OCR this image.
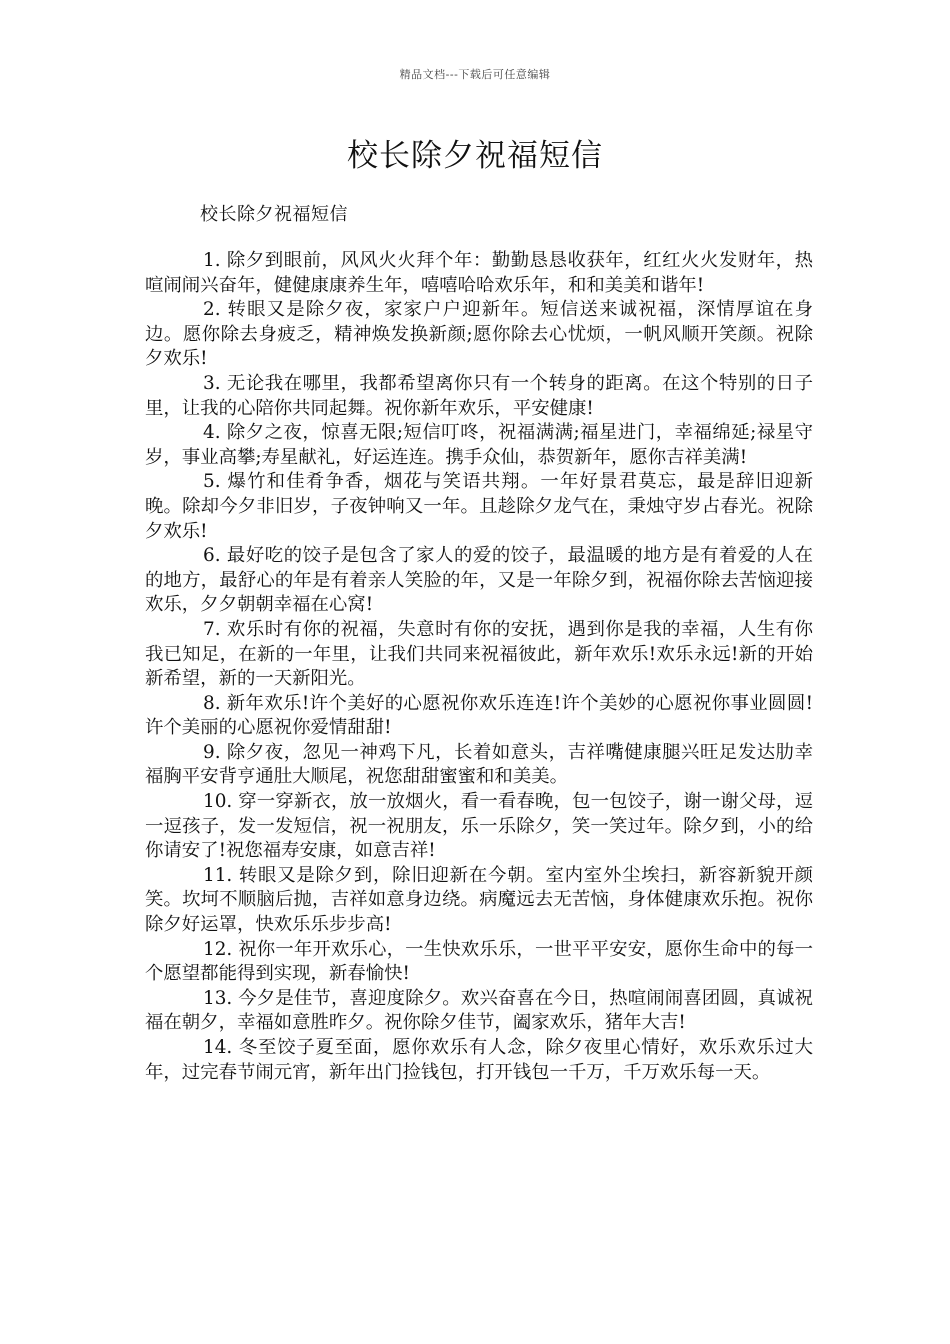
精品文档---下载后可任意编辑
校长除夕祝福短信
校长除夕祝福短信
1. 除夕到眼前，风风火火拜个年：勤勤恳恳收获年，红红火火发财年，热喧闹闹兴奋年，健健康康养生年，嘻嘻哈哈欢乐年，和和美美和谐年!
2. 转眼又是除夕夜，家家户户迎新年。短信送来诚祝福，深情厚谊在身边。愿你除去身疲乏，精神焕发换新颜;愿你除去心忧烦，一帆风顺开笑颜。祝除夕欢乐!
3. 无论我在哪里，我都希望离你只有一个转身的距离。在这个特别的日子里，让我的心陪你共同起舞。祝你新年欢乐，平安健康!
4. 除夕之夜，惊喜无限;短信叮咚，祝福满满;福星进门，幸福绵延;禄星守岁，事业高攀;寿星献礼，好运连连。携手众仙，恭贺新年，愿你吉祥美满!
5. 爆竹和佳肴争香，烟花与笑语共翔。一年好景君莫忘，最是辞旧迎新晚。除却今夕非旧岁，子夜钟响又一年。且趁除夕龙气在，秉烛守岁占春光。祝除夕欢乐!
6. 最好吃的饺子是包含了家人的爱的饺子，最温暖的地方是有着爱的人在的地方，最舒心的年是有着亲人笑脸的年，又是一年除夕到，祝福你除去苦恼迎接欢乐，夕夕朝朝幸福在心窝!
7. 欢乐时有你的祝福，失意时有你的安抚，遇到你是我的幸福，人生有你我已知足，在新的一年里，让我们共同来祝福彼此，新年欢乐!欢乐永远!新的开始新希望，新的一天新阳光。
8. 新年欢乐!许个美好的心愿祝你欢乐连连!许个美妙的心愿祝你事业圆圆!许个美丽的心愿祝你爱情甜甜!
9. 除夕夜，忽见一神鸡下凡，长着如意头，吉祥嘴健康腿兴旺足发达肋幸福胸平安背亨通肚大顺尾，祝您甜甜蜜蜜和和美美。
10. 穿一穿新衣，放一放烟火，看一看春晚，包一包饺子，谢一谢父母，逗一逗孩子，发一发短信，祝一祝朋友，乐一乐除夕，笑一笑过年。除夕到，小的给你请安了!祝您福寿安康，如意吉祥!
11. 转眼又是除夕到，除旧迎新在今朝。室内室外尘埃扫，新容新貌开颜笑。坎坷不顺脑后抛，吉祥如意身边绕。病魔远去无苦恼，身体健康欢乐抱。祝你除夕好运罩，快欢乐乐步步高!
12. 祝你一年开欢乐心，一生快欢乐乐，一世平平安安，愿你生命中的每一个愿望都能得到实现，新春愉快!
13. 今夕是佳节，喜迎度除夕。欢兴奋喜在今日，热喧闹闹喜团圆，真诚祝福在朝夕，幸福如意胜昨夕。祝你除夕佳节，阖家欢乐，猪年大吉!
14. 冬至饺子夏至面，愿你欢乐有人念，除夕夜里心情好，欢乐欢乐过大年，过完春节闹元宵，新年出门捡钱包，打开钱包一千万，千万欢乐每一天。
